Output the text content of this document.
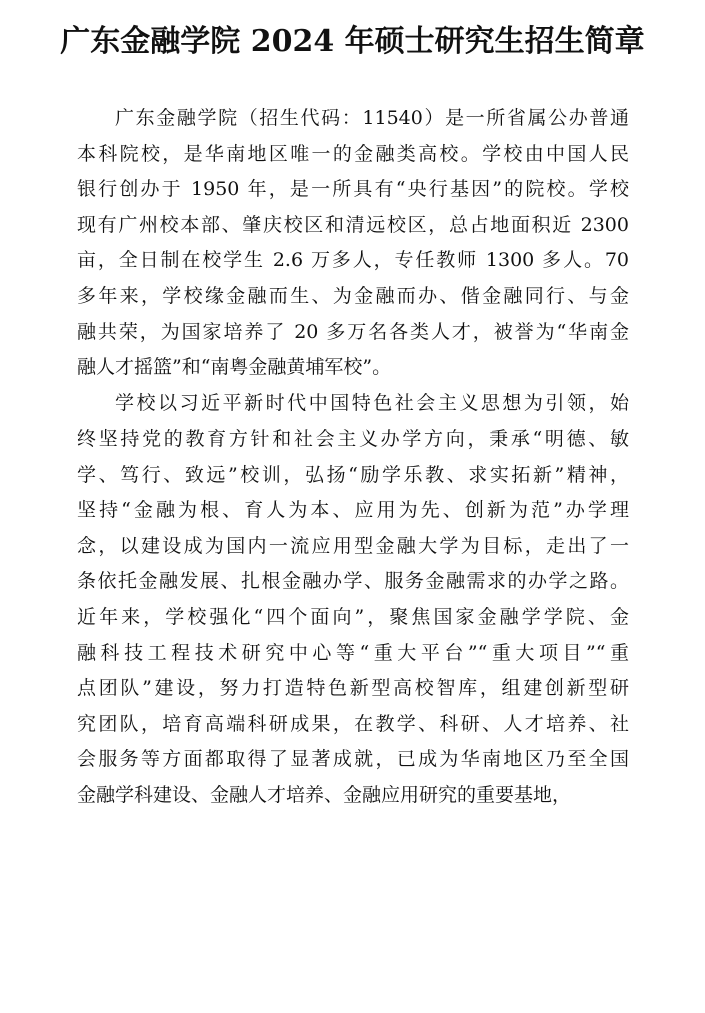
广东金融学院 2024 年硕士研究生招生简章
广东金融学院（招生代码：11540）是一所省属公办普通
本科院校，是华南地区唯一的金融类高校。学校由中国人民
银行创办于 1950 年，是一所具有“央行基因”的院校。学校
现有广州校本部、肇庆校区和清远校区，总占地面积近 2300
亩，全日制在校学生 2.6 万多人，专任教师 1300 多人。70
多年来，学校缘金融而生、为金融而办、偕金融同行、与金
融共荣，为国家培养了 20 多万名各类人才，被誉为“华南金
融人才摇篮”和“南粤金融黄埔军校”。
学校以习近平新时代中国特色社会主义思想为引领，始
终坚持党的教育方针和社会主义办学方向，秉承“明德、敏
学、笃行、致远”校训，弘扬“励学乐教、求实拓新”精神，
坚持“金融为根、育人为本、应用为先、创新为范”办学理
念，以建设成为国内一流应用型金融大学为目标，走出了一
条依托金融发展、扎根金融办学、服务金融需求的办学之路。
近年来，学校强化“四个面向”，聚焦国家金融学学院、金
融科技工程技术研究中心等“重大平台”“重大项目”“重
点团队”建设，努力打造特色新型高校智库，组建创新型研
究团队，培育高端科研成果，在教学、科研、人才培养、社
会服务等方面都取得了显著成就，已成为华南地区乃至全国
金融学科建设、金融人才培养、金融应用研究的重要基地，
